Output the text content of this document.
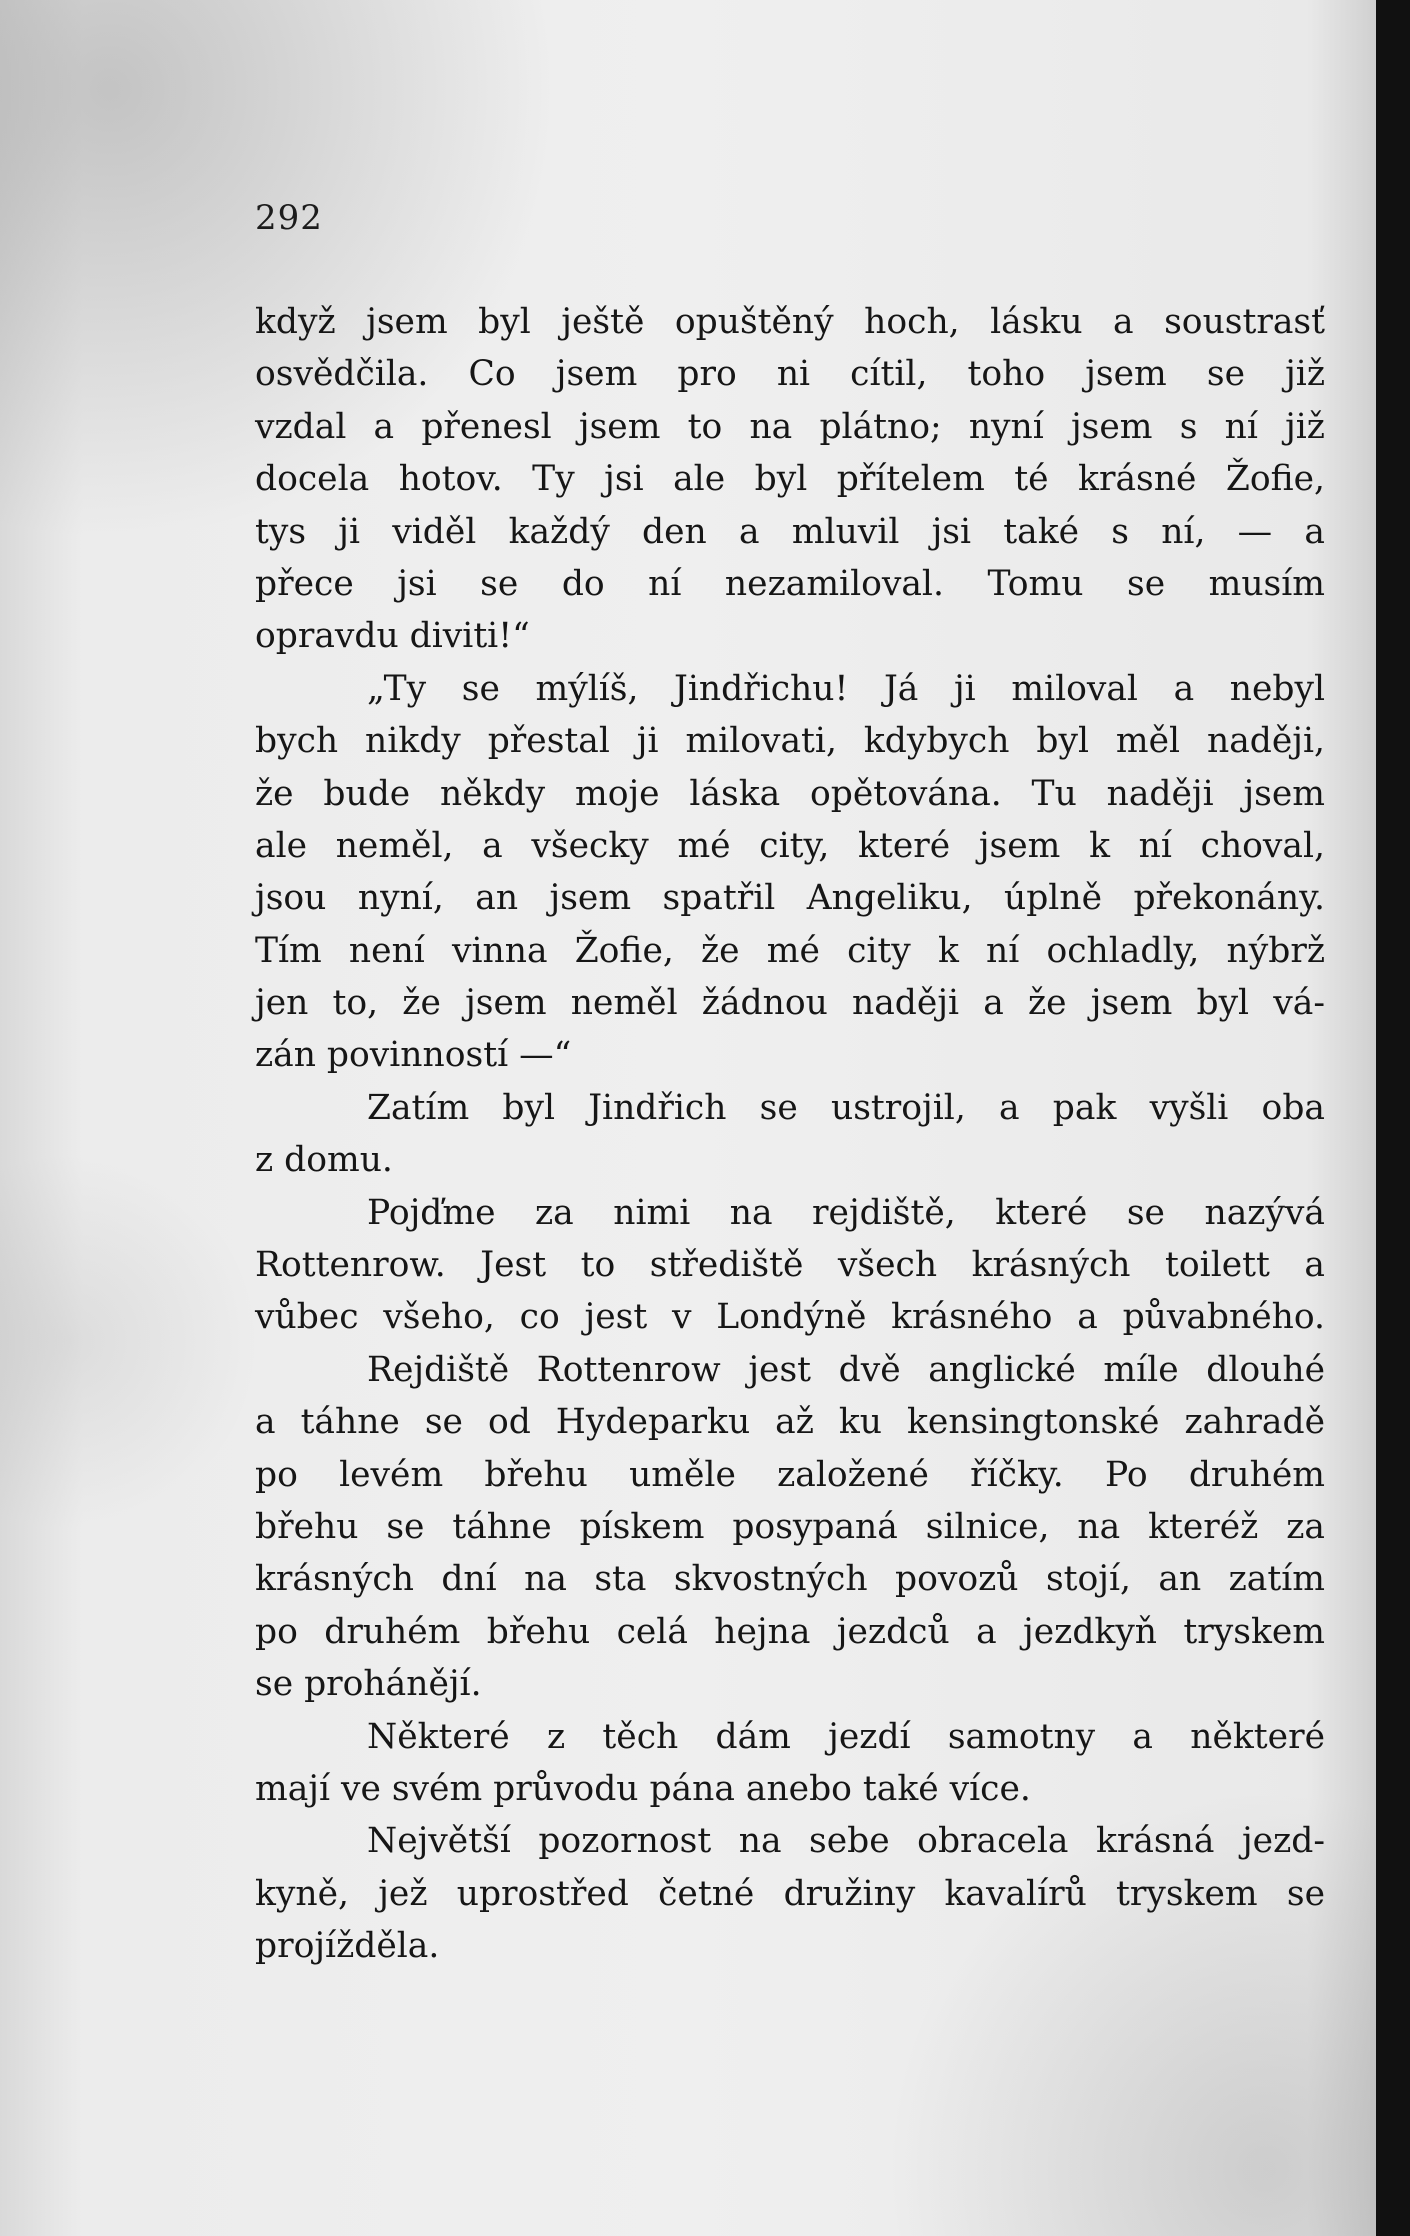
292
když jsem byl ještě opuštěný hoch, lásku a soustrasť
osvědčila. Co jsem pro ni cítil, toho jsem se již
vzdal a přenesl jsem to na plátno; nyní jsem s ní již
docela hotov. Ty jsi ale byl přítelem té krásné Žofie,
tys ji viděl každý den a mluvil jsi také s ní, — a
přece jsi se do ní nezamiloval. Tomu se musím
opravdu diviti!“
„Ty se mýlíš, Jindřichu! Já ji miloval a nebyl
bych nikdy přestal ji milovati, kdybych byl měl naději,
že bude někdy moje láska opětována. Tu naději jsem
ale neměl, a všecky mé city, které jsem k ní choval,
jsou nyní, an jsem spatřil Angeliku, úplně překonány.
Tím není vinna Žofie, že mé city k ní ochladly, nýbrž
jen to, že jsem neměl žádnou naději a že jsem byl vá-
zán povinností —“
Zatím byl Jindřich se ustrojil, a pak vyšli oba
z domu.
Pojďme za nimi na rejdiště, které se nazývá
Rottenrow. Jest to střediště všech krásných toilett a
vůbec všeho, co jest v Londýně krásného a půvabného.
Rejdiště Rottenrow jest dvě anglické míle dlouhé
a táhne se od Hydeparku až ku kensingtonské zahradě
po levém břehu uměle založené říčky. Po druhém
břehu se táhne pískem posypaná silnice, na kteréž za
krásných dní na sta skvostných povozů stojí, an zatím
po druhém břehu celá hejna jezdců a jezdkyň tryskem
se prohánějí.
Některé z těch dám jezdí samotny a některé
mají ve svém průvodu pána anebo také více.
Největší pozornost na sebe obracela krásná jezd-
kyně, jež uprostřed četné družiny kavalírů tryskem se
projížděla.
